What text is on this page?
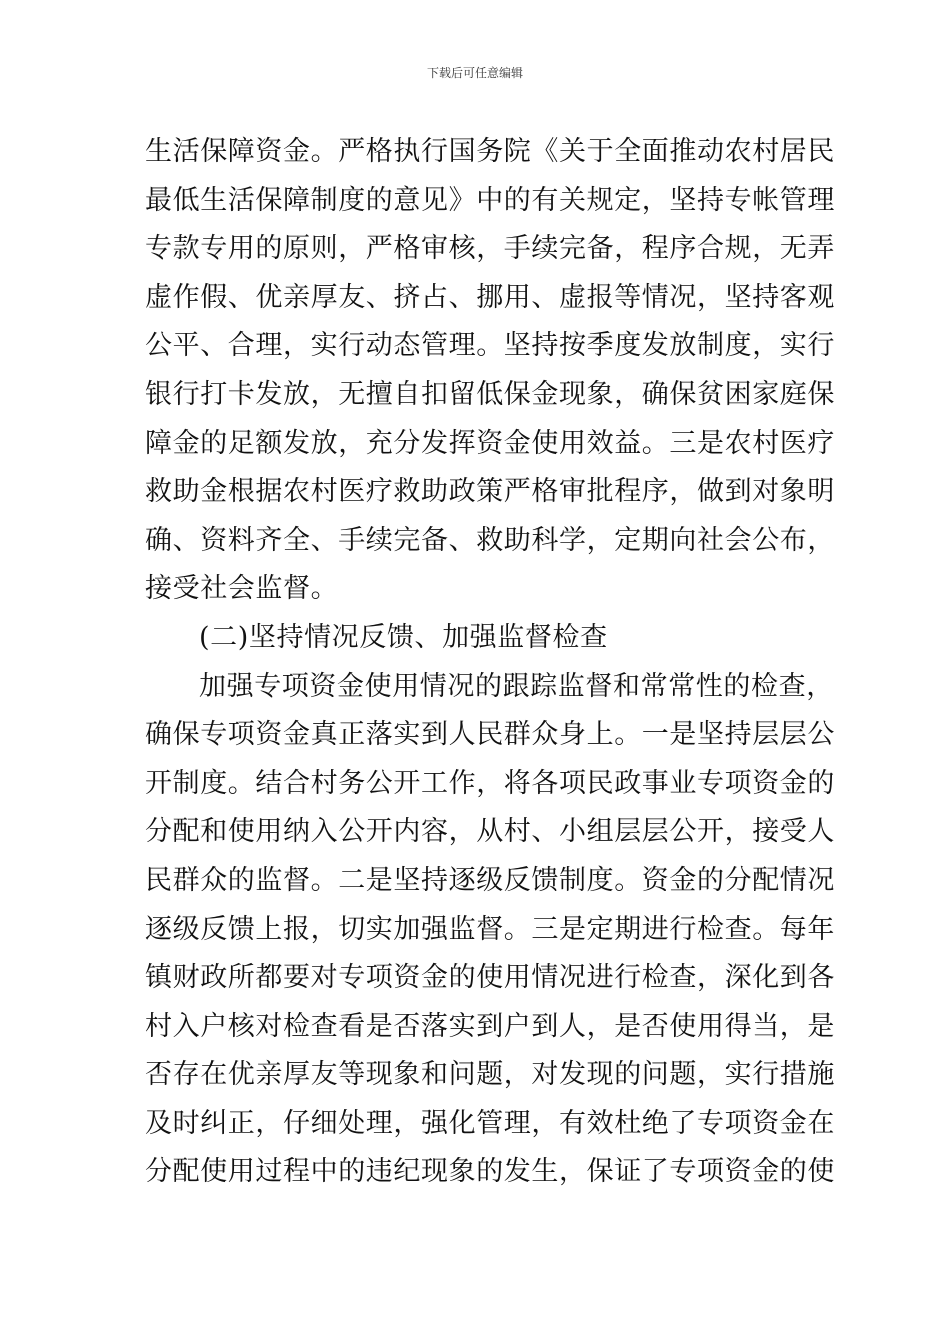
下载后可任意编辑
生活保障资金。严格执行国务院《关于全面推动农村居民
最低生活保障制度的意见》中的有关规定，坚持专帐管理
专款专用的原则，严格审核，手续完备，程序合规，无弄
虚作假、优亲厚友、挤占、挪用、虚报等情况，坚持客观
公平、合理，实行动态管理。坚持按季度发放制度，实行
银行打卡发放，无擅自扣留低保金现象，确保贫困家庭保
障金的足额发放，充分发挥资金使用效益。三是农村医疗
救助金根据农村医疗救助政策严格审批程序，做到对象明
确、资料齐全、手续完备、救助科学，定期向社会公布，
接受社会监督。
(二)坚持情况反馈、加强监督检查
加强专项资金使用情况的跟踪监督和常常性的检查，
确保专项资金真正落实到人民群众身上。一是坚持层层公
开制度。结合村务公开工作，将各项民政事业专项资金的
分配和使用纳入公开内容，从村、小组层层公开，接受人
民群众的监督。二是坚持逐级反馈制度。资金的分配情况
逐级反馈上报，切实加强监督。三是定期进行检查。每年
镇财政所都要对专项资金的使用情况进行检查，深化到各
村入户核对检查看是否落实到户到人，是否使用得当，是
否存在优亲厚友等现象和问题，对发现的问题，实行措施
及时纠正，仔细处理，强化管理，有效杜绝了专项资金在
分配使用过程中的违纪现象的发生，保证了专项资金的使
